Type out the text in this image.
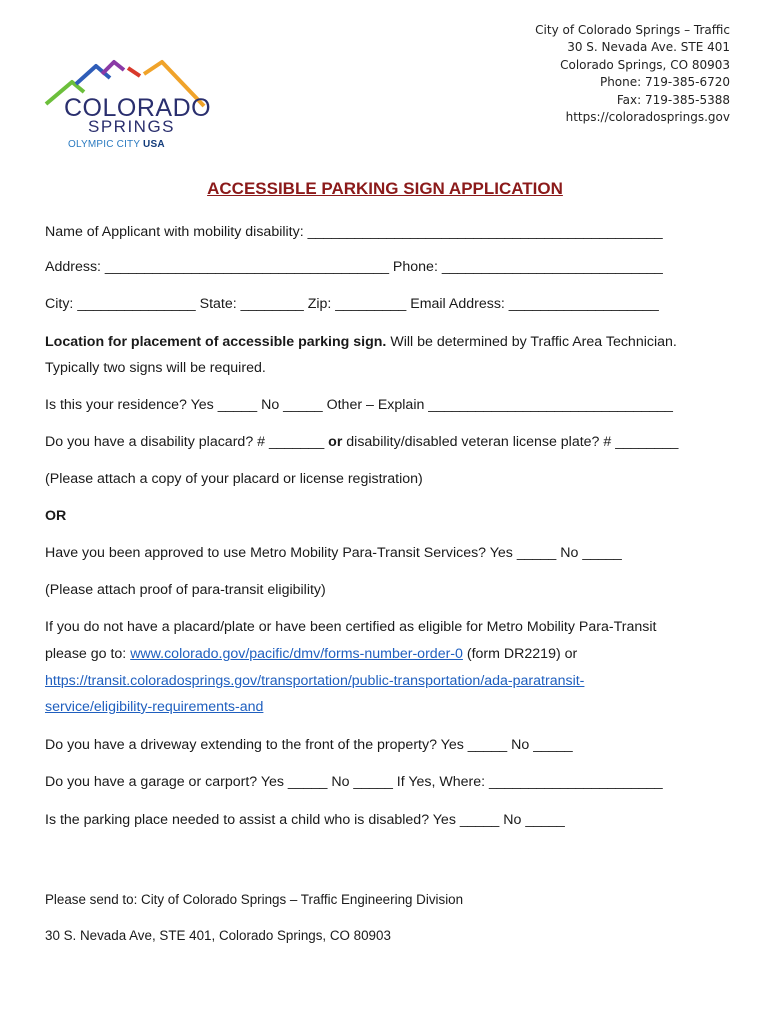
COLORADO
SPRINGS
OLYMPIC CITY USA
City of Colorado Springs – Traffic
30 S. Nevada Ave. STE 401
Colorado Springs, CO 80903
Phone: 719-385-6720
Fax: 719-385-5388
https://coloradosprings.gov
ACCESSIBLE PARKING SIGN APPLICATION
Name of Applicant with mobility disability: _____________________________________________
Address: ____________________________________ Phone: ____________________________
City: _______________ State: ________ Zip: _________ Email Address: ___________________
Location for placement of accessible parking sign. Will be determined by Traffic Area Technician.
Typically two signs will be required.
Is this your residence? Yes _____ No _____ Other – Explain _______________________________
Do you have a disability placard? # _______ or disability/disabled veteran license plate? # ________
(Please attach a copy of your placard or license registration)
OR
Have you been approved to use Metro Mobility Para-Transit Services? Yes _____ No _____
(Please attach proof of para-transit eligibility)
If you do not have a placard/plate or have been certified as eligible for Metro Mobility Para-Transit
please go to: www.colorado.gov/pacific/dmv/forms-number-order-0 (form DR2219) or
https://transit.coloradosprings.gov/transportation/public-transportation/ada-paratransit-
service/eligibility-requirements-and
Do you have a driveway extending to the front of the property? Yes _____ No _____
Do you have a garage or carport? Yes _____ No _____ If Yes, Where: ______________________
Is the parking place needed to assist a child who is disabled? Yes _____ No _____
Please send to: City of Colorado Springs – Traffic Engineering Division
30 S. Nevada Ave, STE 401, Colorado Springs, CO 80903
